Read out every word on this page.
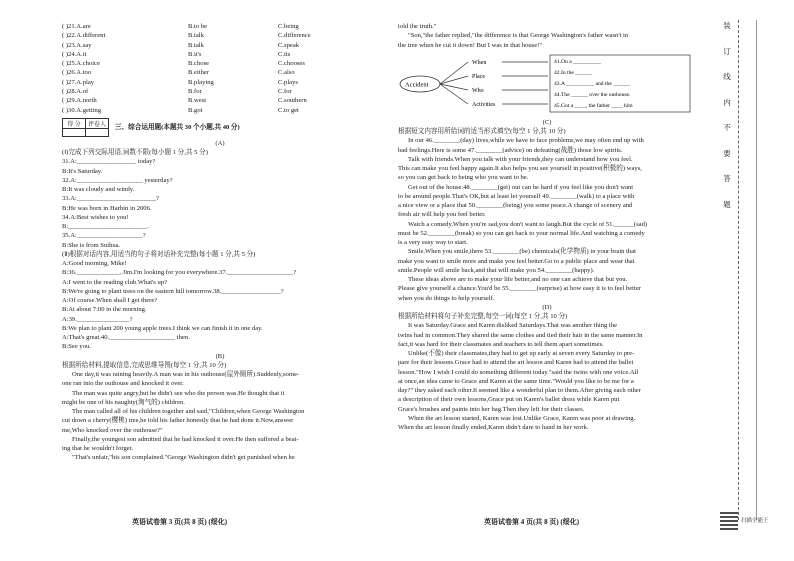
( )21.A.are	B.to be	C.being
( )22.A.different	B.talk	C.difference
( )23.A.say	B.talk	C.speak
( )24.A.it	B.it's	C.its
( )25.A.choice	B.chose	C.chooses
( )26.A.too	B.either	C.also
( )27.A.play	B.playing	C.plays
( )28.A.of	B.for	C.for
( )29.A.north	B.west	C.southern
( )30.A.getting	B.got	C.to get
得 分	评卷人
	三、综合运用题(本题共 30 个小题,共 40 分)

(A)

(Ⅰ)完成下列交际用语,词数不限(每小题 1 分,共 5 分)

31.A:__________________ today?

B:It's Saturday.

32.A:____________________ yesterday?

B:It was cloudy and windy.

33.A:________________________?

B:He was born in Harbin in 2006.

34.A:Best wishes to you!

B:________________________.

35.A:____________________?

B:She is from Suihua.

(Ⅱ)根据对话内容,用适当的句子将对话补充完整(每小题 1 分,共 5 分)

A:Good morning, Mike!

B:36._____________, Jim.I'm looking for you everywhere.37.____________________?

A:I went to the reading club.What's up?

B:We're going to plant trees on the eastern hill tomorrow.38.__________________?

A:Of course.When shall I get there?

B:At about 7:00 in the morning.

A:39.________________?

B:We plan to plant 200 young apple trees.I think we can finish it in one day.

A:That's great.40.____________________ then.

B:See you.

(B)

根据所给材料,提取信息,完成思维导图(每空 1 分,共 10 分)

One day,it was raining heavily.A man was in his outhouse(屋外厕所).Suddenly,some-

one ran into the outhouse and knocked it over.

The man was quite angry,but he didn't see who the person was.He thought that it

might be one of his naughty(淘气的) children.

The man called all of his children together and said,"Children,when George Washington

cut down a cherry(樱桃) tree,he told his father honestly that he had done it.Now,answer

me,Who knocked over the outhouse?"

Finally,the youngest son admitted that he had knocked it over.He then suffered a beat-

ing that he wouldn't forget.

"That's unfair,"his son complained."George Washington didn't get punished when he

英语试卷第 3 页(共 8 页) (绥化)

told the truth."

"Son,"the father replied,"the difference is that George Washington's father wasn't in

the tree when he cut it down! But I was in that house!"

Accident
When
Place
Who
Activities
41.On a __________
42.In the ______
43.A __________ and the ______
44.The ______ over the outhouse.
45.Got a ____, the father ____ him

(C)

根据短文内容用所给词的适当形式填空(每空 1 分,共 10 分)

In our 46.________(day) lives,while we have to face problems,we may often end up with

bad feelings.Here is some 47.________(advice) on defeating(战胜) those low spirits.

Talk with friends.When you talk with your friends,they can understand how you feel.

This can make you feel happy again.It also helps you see yourself in positive(积极的) ways,

so you can get back to being who you want to be.

Get out of the house.48.________(get) out can be hard if you feel like you don't want

to be around people.That's OK,but at least let yourself 49.________(walk) to a place with

a nice view or a place that 50.________(being) you some peace.A change of scenery and

fresh air will help you feel better.

Watch a comedy.When you're sad,you don't want to laugh.But the cycle of 51.______(sad)

must be 52.________(break) so you can get back to your normal life.And watching a comedy

is a very easy way to start.

Smile.When you smile,there 53.________(be) chemicals(化学物质) in your brain that

make you want to smile more and make you feel better.Go to a public place and wear that

smile.People will smile back,and that will make you 54.________(happy).

These ideas above are to make your life better,and no one can achieve that but you.

Please give yourself a chance.You'd be 55.________(surprise) at how easy it is to feel better

when you do things to help yourself.

(D)

根据所给材料将句子补充完整,每空一词(每空 1 分,共 10 分)

It was Saturday.Grace and Karen disliked Saturdays.That was another thing the

twins had in common.They shared the same clothes and tied their hair in the same manner.In

fact,it was hard for their classmates and teachers to tell them apart sometimes.

Unlike(不像) their classmates,they had to get up early at seven every Saturday to pre-

pare for their lessons.Grace had to attend the art lesson and Karen had to attend the ballet

lesson."How I wish I could do something different today."said the twins with one voice.All

at once,an idea came to Grace and Karen at the same time."Would you like to be me for a

day?" they asked each other.It seemed like a wonderful plan to them.After giving each other

a description of their own lessons,Grace put on Karen's ballet dress while Karen put

Grace's brushes and paints into her bag.Then they left for their classes.

When the art lesson started, Karen was lost.Unlike Grace, Karen was poor at drawing.

When the art lesson finally ended,Karen didn't dare to hand in her work.

英语试卷第 4 页(共 8 页) (绥化)
装
订
线
内
不
要
答
题
扫描全能王
